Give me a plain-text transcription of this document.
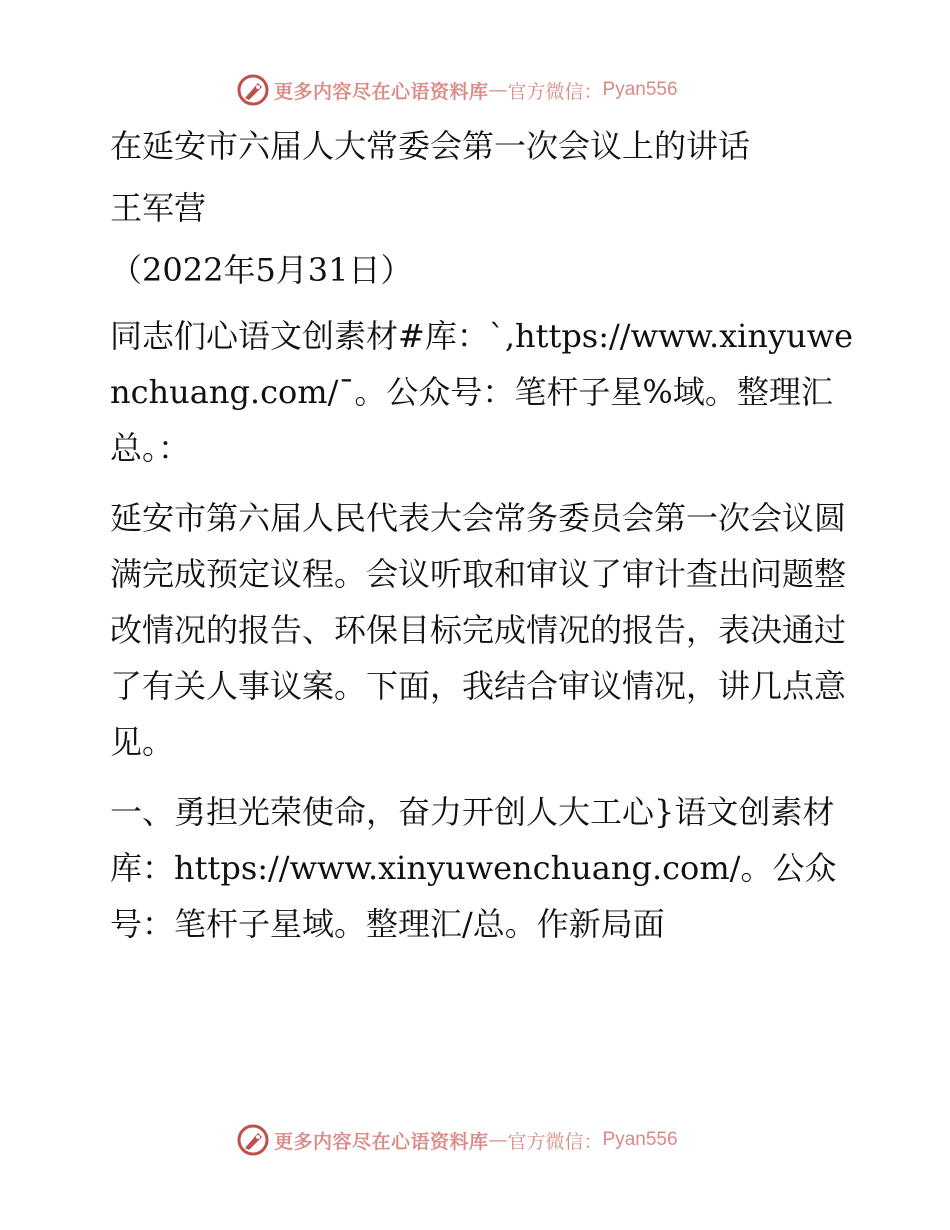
更多内容尽在心语资料库 — 官方微信： Pyan556

在延安市六届人大常委会第一次会议上的讲话

王军营

（2022年5月31日）

同志们心语文创素材#库：`,https://www.xinyuwenchuang.com/¯。公众号：笔杆子星%域。整理汇总。：

延安市第六届人民代表大会常务委员会第一次会议圆满完成预定议程。会议听取和审议了审计查出问题整改情况的报告、环保目标完成情况的报告，表决通过了有关人事议案。下面，我结合审议情况，讲几点意见。

一、勇担光荣使命，奋力开创人大工心}语文创素材库：https://www.xinyuwenchuang.com/。公众号：笔杆子星域。整理汇/总。作新局面

更多内容尽在心语资料库 — 官方微信： Pyan556
